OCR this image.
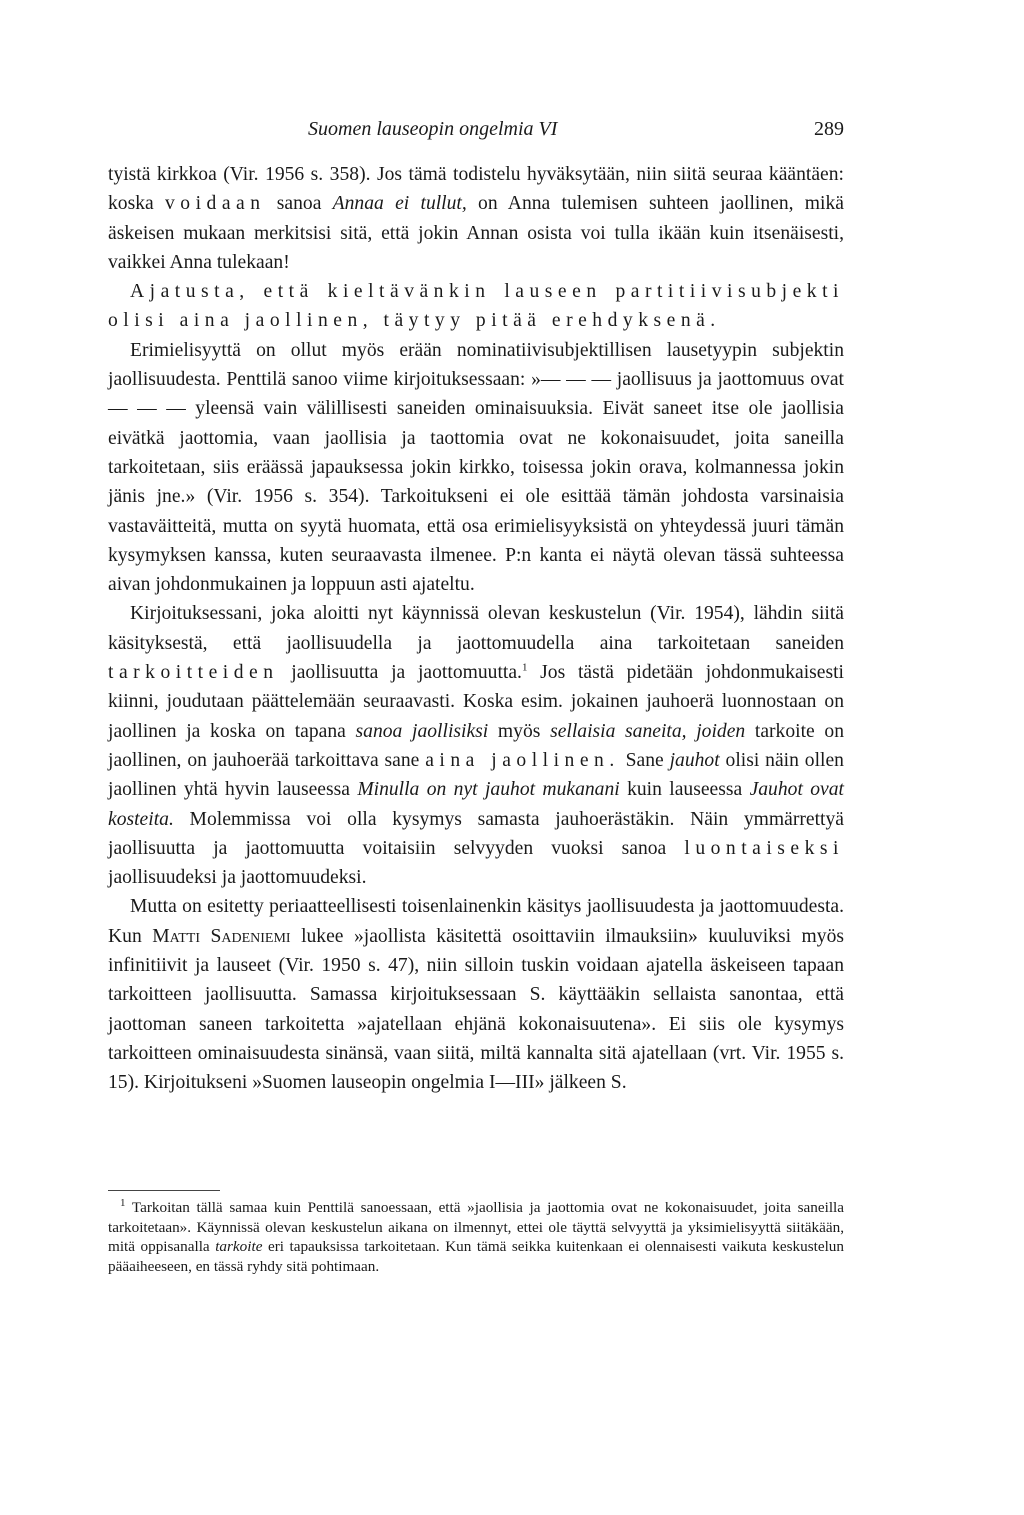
Suomen lauseopin ongelmia VI	289

tyistä kirkkoa (Vir. 1956 s. 358). Jos tämä todistelu hyväksytään, niin siitä seuraa kääntäen: koska voidaan sanoa Annaa ei tullut, on Anna tulemisen suhteen jaollinen, mikä äskeisen mukaan merkitsisi sitä, että jokin Annan osista voi tulla ikään kuin itsenäisesti, vaikkei Anna tulekaan!

Ajatusta, että kieltävänkin lauseen partitiivisubjekti olisi aina jaollinen, täytyy pitää erehdyksenä.

Erimielisyyttä on ollut myös erään nominatiivisubjektillisen lausetyypin subjektin jaollisuudesta. Penttilä sanoo viime kirjoituksessaan: »— — — jaollisuus ja jaottomuus ovat — — — yleensä vain välillisesti saneiden ominaisuuksia. Eivät saneet itse ole jaollisia eivätkä jaottomia, vaan jaollisia ja taottomia ovat ne kokonaisuudet, joita saneilla tarkoitetaan, siis eräässä japauksessa jokin kirkko, toisessa jokin orava, kolmannessa jokin jänis jne.» (Vir. 1956 s. 354). Tarkoitukseni ei ole esittää tämän johdosta varsinaisia vastaväitteitä, mutta on syytä huomata, että osa erimielisyyksistä on yhteydessä juuri tämän kysymyksen kanssa, kuten seuraavasta ilmenee. P:n kanta ei näytä olevan tässä suhteessa aivan johdonmukainen ja loppuun asti ajateltu.

Kirjoituksessani, joka aloitti nyt käynnissä olevan keskustelun (Vir. 1954), lähdin siitä käsityksestä, että jaollisuudella ja jaottomuudella aina tarkoitetaan saneiden tarkoitteiden jaollisuutta ja jaottomuutta.$^1$ Jos tästä pidetään johdonmukaisesti kiinni, joudutaan päättelemään seuraavasti. Koska esim. jokainen jauhoerä luonnostaan on jaollinen ja koska on tapana sanoa jaollisiksi myös sellaisia saneita, joiden tarkoite on jaollinen, on jauhoerää tarkoittava sane aina jaollinen. Sane jauhot olisi näin ollen jaollinen yhtä hyvin lauseessa Minulla on nyt jauhot mukanani kuin lauseessa Jauhot ovat kosteita. Molemmissa voi olla kysymys samasta jauhoerästäkin. Näin ymmärrettyä jaollisuutta ja jaottomuutta voitaisiin selvyyden vuoksi sanoa luontaiseksi jaollisuudeksi ja jaottomuudeksi.

Mutta on esitetty periaatteellisesti toisenlainenkin käsitys jaollisuudesta ja jaottomuudesta. Kun Matti Sadeniemi lukee »jaollista käsitettä osoittaviin ilmauksiin» kuuluviksi myös infinitiivit ja lauseet (Vir. 1950 s. 47), niin silloin tuskin voidaan ajatella äskeiseen tapaan tarkoitteen jaollisuutta. Samassa kirjoituksessaan S. käyttääkin sellaista sanontaa, että jaottoman saneen tarkoitetta »ajatellaan ehjänä kokonaisuutena». Ei siis ole kysymys tarkoitteen ominaisuudesta sinänsä, vaan siitä, miltä kannalta sitä ajatellaan (vrt. Vir. 1955 s. 15). Kirjoitukseni »Suomen lauseopin ongelmia I—III» jälkeen S.

$^1$ Tarkoitan tällä samaa kuin Penttilä sanoessaan, että »jaollisia ja jaottomia ovat ne kokonaisuudet, joita saneilla tarkoitetaan». Käynnissä olevan keskustelun aikana on ilmennyt, ettei ole täyttä selvyyttä ja yksimielisyyttä siitäkään, mitä oppisanalla tarkoite eri tapauksissa tarkoitetaan. Kun tämä seikka kuitenkaan ei olennaisesti vaikuta keskustelun pääaiheeseen, en tässä ryhdy sitä pohtimaan.
